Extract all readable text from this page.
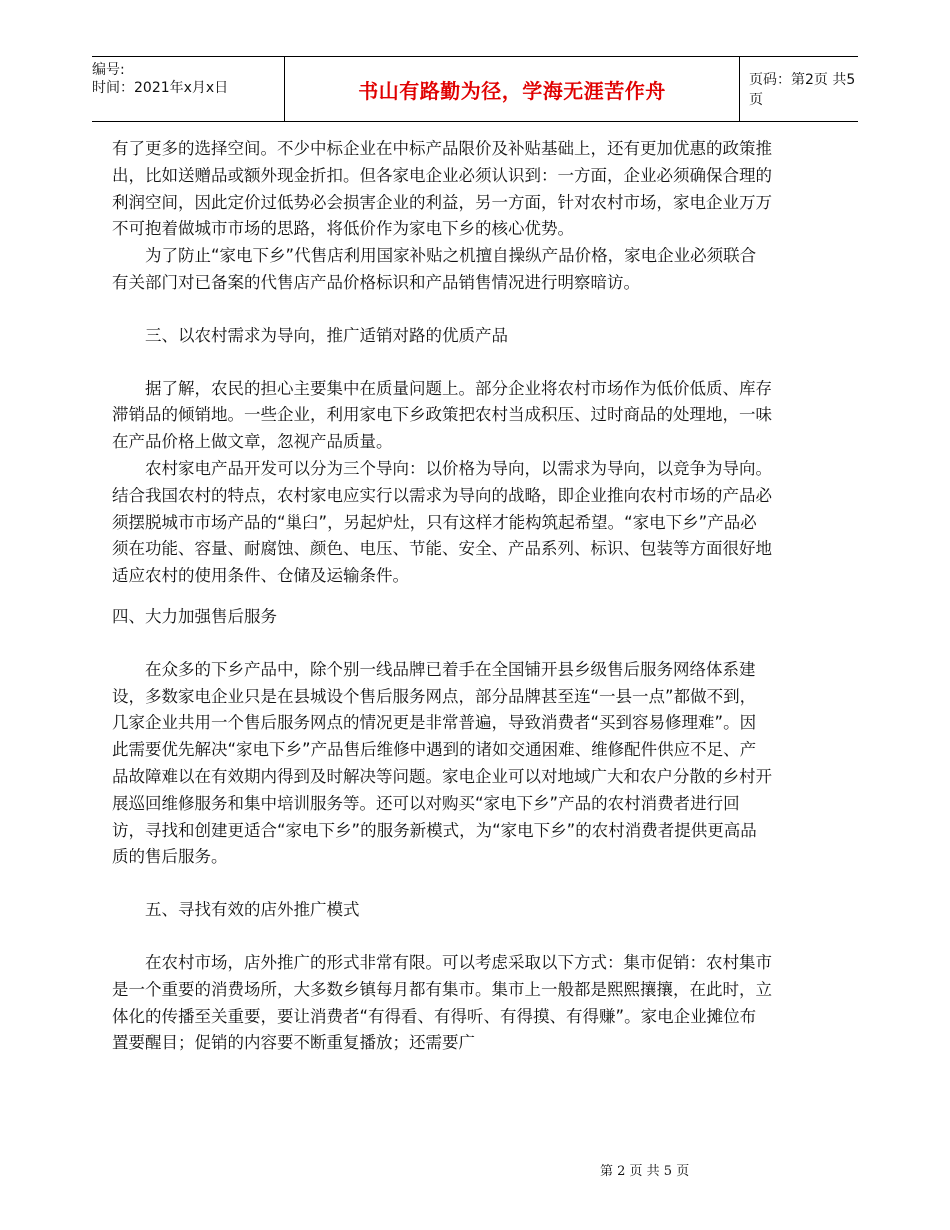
编号:
时间：2021年x月x日	书山有路勤为径，学海无涯苦作舟	页码：第2页 共5页

有了更多的选择空间。不少中标企业在中标产品限价及补贴基础上，还有更加优惠的政策推出，比如送赠品或额外现金折扣。但各家电企业必须认识到：一方面，企业必须确保合理的利润空间，因此定价过低势必会损害企业的利益，另一方面，针对农村市场，家电企业万万不可抱着做城市市场的思路，将低价作为家电下乡的核心优势。

为了防止“家电下乡”代售店利用国家补贴之机擅自操纵产品价格，家电企业必须联合有关部门对已备案的代售店产品价格标识和产品销售情况进行明察暗访。

三、以农村需求为导向，推广适销对路的优质产品

据了解，农民的担心主要集中在质量问题上。部分企业将农村市场作为低价低质、库存滞销品的倾销地。一些企业，利用家电下乡政策把农村当成积压、过时商品的处理地，一味在产品价格上做文章，忽视产品质量。

农村家电产品开发可以分为三个导向：以价格为导向，以需求为导向，以竞争为导向。结合我国农村的特点，农村家电应实行以需求为导向的战略，即企业推向农村市场的产品必须摆脱城市市场产品的“巢臼”，另起炉灶，只有这样才能构筑起希望。“家电下乡”产品必须在功能、容量、耐腐蚀、颜色、电压、节能、安全、产品系列、标识、包装等方面很好地适应农村的使用条件、仓储及运输条件。

四、大力加强售后服务

在众多的下乡产品中，除个别一线品牌已着手在全国铺开县乡级售后服务网络体系建设，多数家电企业只是在县城设个售后服务网点，部分品牌甚至连“一县一点”都做不到，几家企业共用一个售后服务网点的情况更是非常普遍，导致消费者“买到容易修理难”。因此需要优先解决“家电下乡”产品售后维修中遇到的诸如交通困难、维修配件供应不足、产品故障难以在有效期内得到及时解决等问题。家电企业可以对地域广大和农户分散的乡村开展巡回维修服务和集中培训服务等。还可以对购买“家电下乡”产品的农村消费者进行回访，寻找和创建更适合“家电下乡”的服务新模式，为“家电下乡”的农村消费者提供更高品质的售后服务。

五、寻找有效的店外推广模式

在农村市场，店外推广的形式非常有限。可以考虑采取以下方式：集市促销：农村集市是一个重要的消费场所，大多数乡镇每月都有集市。集市上一般都是熙熙攘攘，在此时，立体化的传播至关重要，要让消费者“有得看、有得听、有得摸、有得赚”。家电企业摊位布置要醒目；促销的内容要不断重复播放；还需要广

第 2 页 共 5 页
